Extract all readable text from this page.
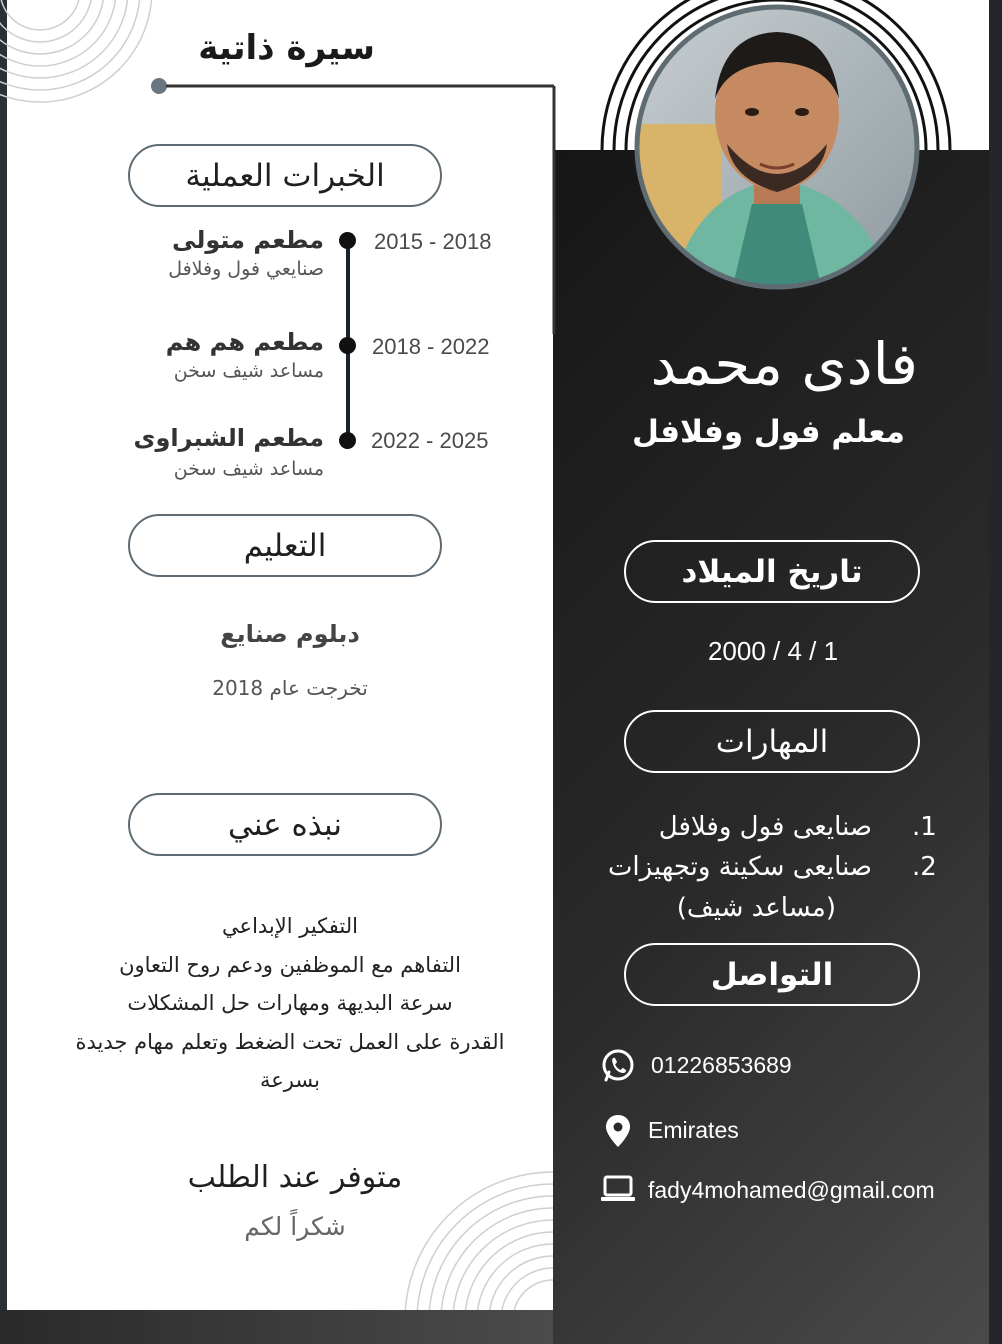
سيرة ذاتية
فادى محمد
معلم فول وفلافل
الخبرات العملية
2015 - 2018
مطعم متولى
صنايعي فول وفلافل
2018 - 2022
مطعم هم هم
مساعد شيف سخن
2022 - 2025
مطعم الشبراوى
مساعد شيف سخن
التعليم
دبلوم صنايع
تخرجت عام 2018
نبذه عني
التفكير الإبداعي
التفاهم مع الموظفين ودعم روح التعاون
سرعة البديهة ومهارات حل المشكلات
القدرة على العمل تحت الضغط وتعلم مهام جديدة
بسرعة
متوفر عند الطلب
شكراً لكم
تاريخ الميلاد
2000 / 4 / 1
المهارات
1.
صنايعى فول وفلافل
2.
صنايعى سكينة وتجهيزات
(مساعد شيف)
التواصل
01226853689
Emirates
fady4mohamed@gmail.com
